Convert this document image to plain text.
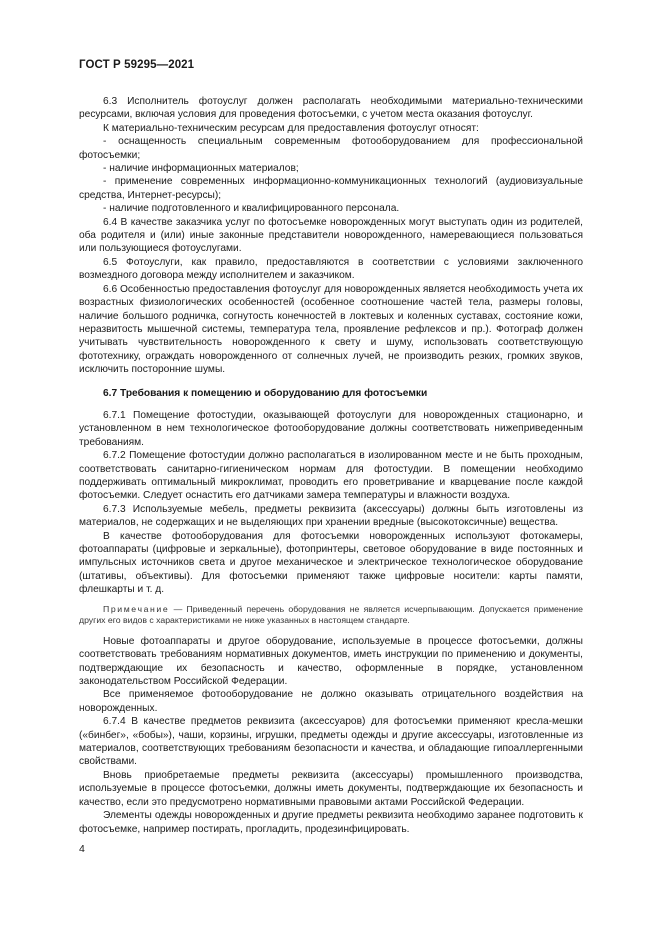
ГОСТ Р 59295—2021

6.3 Исполнитель фотоуслуг должен располагать необходимыми материально-техническими ресурсами, включая условия для проведения фотосъемки, с учетом места оказания фотоуслуг.

К материально-техническим ресурсам для предоставления фотоуслуг относят:

- оснащенность специальным современным фотооборудованием для профессиональной фотосъемки;

- наличие информационных материалов;

- применение современных информационно-коммуникационных технологий (аудиовизуальные средства, Интернет-ресурсы);

- наличие подготовленного и квалифицированного персонала.

6.4 В качестве заказчика услуг по фотосъемке новорожденных могут выступать один из родителей, оба родителя и (или) иные законные представители новорожденного, намеревающиеся пользоваться или пользующиеся фотоуслугами.

6.5 Фотоуслуги, как правило, предоставляются в соответствии с условиями заключенного возмездного договора между исполнителем и заказчиком.

6.6 Особенностью предоставления фотоуслуг для новорожденных является необходимость учета их возрастных физиологических особенностей (особенное соотношение частей тела, размеры головы, наличие большого родничка, согнутость конечностей в локтевых и коленных суставах, состояние кожи, неразвитость мышечной системы, температура тела, проявление рефлексов и пр.). Фотограф должен учитывать чувствительность новорожденного к свету и шуму, использовать соответствующую фототехнику, ограждать новорожденного от солнечных лучей, не производить резких, громких звуков, исключить посторонние шумы.

6.7 Требования к помещению и оборудованию для фотосъемки

6.7.1 Помещение фотостудии, оказывающей фотоуслуги для новорожденных стационарно, и установленном в нем технологическое фотооборудование должны соответствовать нижеприведенным требованиям.

6.7.2 Помещение фотостудии должно располагаться в изолированном месте и не быть проходным, соответствовать санитарно-гигиеническом нормам для фотостудии. В помещении необходимо поддерживать оптимальный микроклимат, проводить его проветривание и кварцевание после каждой фотосъемки. Следует оснастить его датчиками замера температуры и влажности воздуха.

6.7.3 Используемые мебель, предметы реквизита (аксессуары) должны быть изготовлены из материалов, не содержащих и не выделяющих при хранении вредные (высокотоксичные) вещества.

В качестве фотооборудования для фотосъемки новорожденных используют фотокамеры, фотоаппараты (цифровые и зеркальные), фотопринтеры, световое оборудование в виде постоянных и импульсных источников света и другое механическое и электрическое технологическое оборудование (штативы, объективы). Для фотосъемки применяют также цифровые носители: карты памяти, флешкарты и т. д.

Примечание — Приведенный перечень оборудования не является исчерпывающим. Допускается применение других его видов с характеристиками не ниже указанных в настоящем стандарте.

Новые фотоаппараты и другое оборудование, используемые в процессе фотосъемки, должны соответствовать требованиям нормативных документов, иметь инструкции по применению и документы, подтверждающие их безопасность и качество, оформленные в порядке, установленном законодательством Российской Федерации.

Все применяемое фотооборудование не должно оказывать отрицательного воздействия на новорожденных.

6.7.4 В качестве предметов реквизита (аксессуаров) для фотосъемки применяют кресла-мешки («бинбег», «бобы»), чаши, корзины, игрушки, предметы одежды и другие аксессуары, изготовленные из материалов, соответствующих требованиям безопасности и качества, и обладающие гипоаллергенными свойствами.

Вновь приобретаемые предметы реквизита (аксессуары) промышленного производства, используемые в процессе фотосъемки, должны иметь документы, подтверждающие их безопасность и качество, если это предусмотрено нормативными правовыми актами Российской Федерации.

Элементы одежды новорожденных и другие предметы реквизита необходимо заранее подготовить к фотосъемке, например постирать, прогладить, продезинфицировать.

4
